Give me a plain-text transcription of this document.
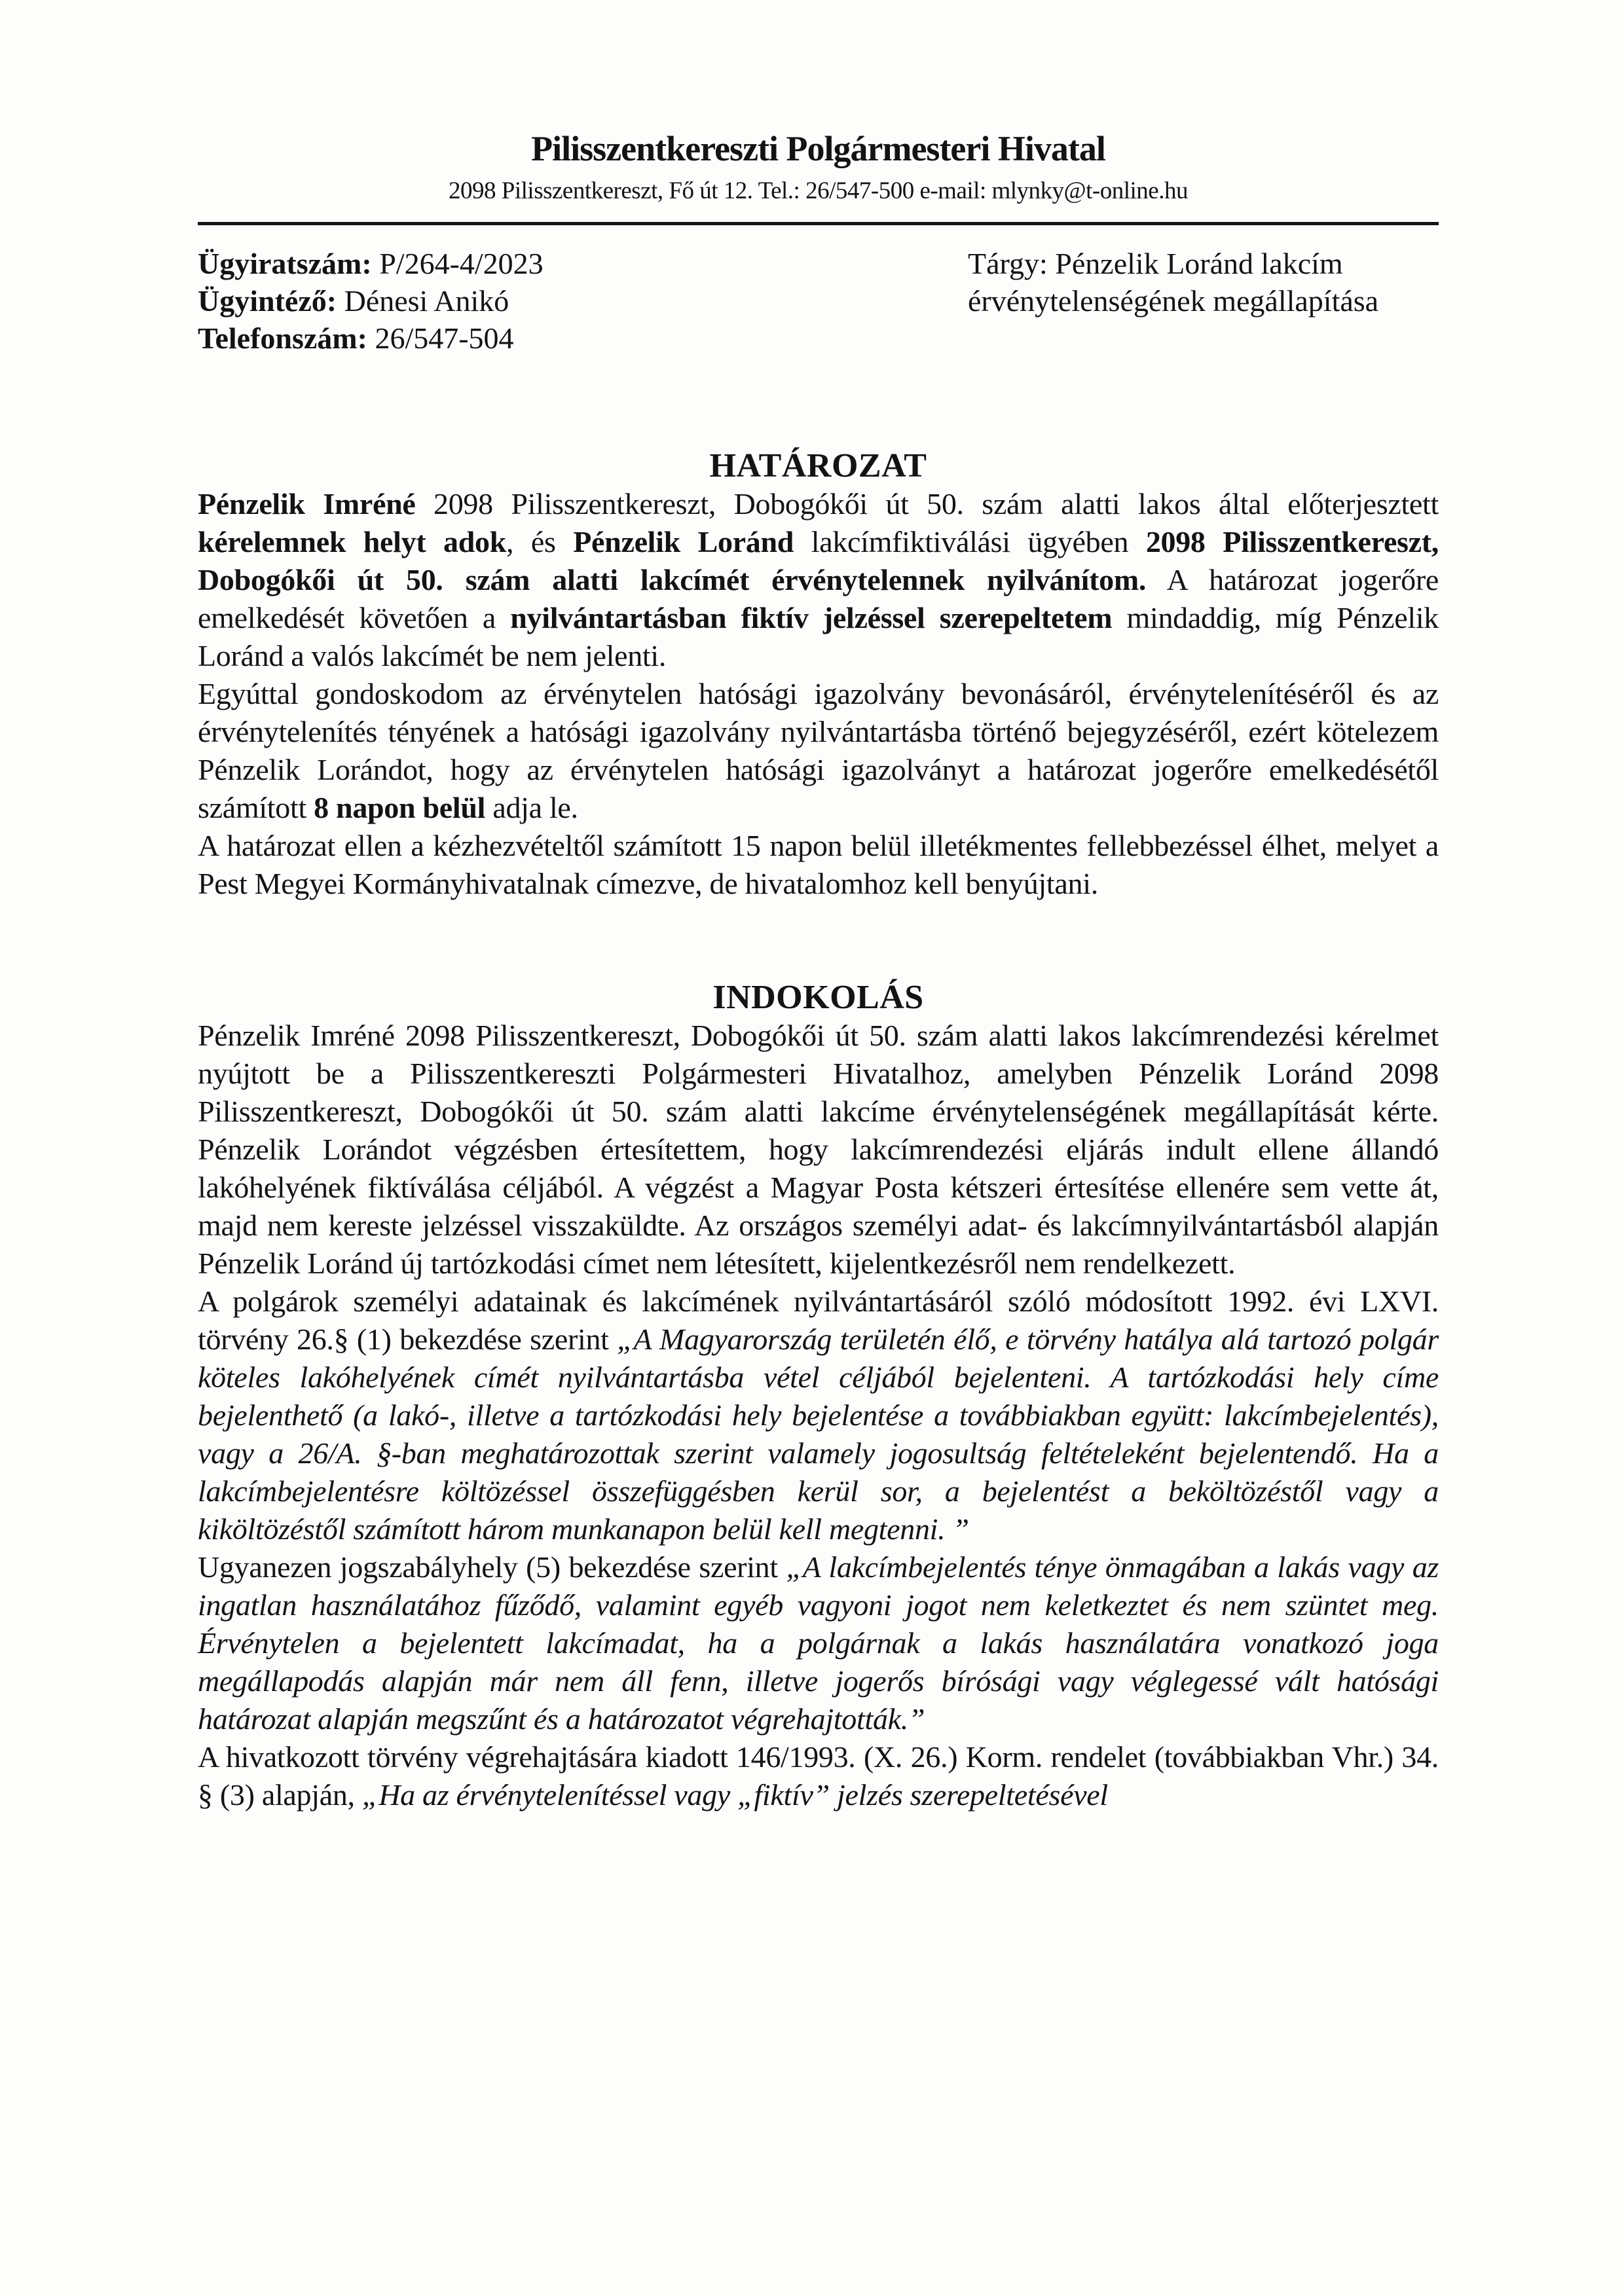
Pilisszentkereszti Polgármesteri Hivatal
2098 Pilisszentkereszt, Fő út 12. Tel.: 26/547-500 e-mail: mlynky@t-online.hu
Ügyiratszám: P/264-4/2023
Ügyintéző: Dénesi Anikó
Telefonszám: 26/547-504
Tárgy: Pénzelik Loránd lakcím
érvénytelenségének megállapítása
HATÁROZAT

Pénzelik Imréné 2098 Pilisszentkereszt, Dobogókői út 50. szám alatti lakos által előterjesztett kérelemnek helyt adok, és Pénzelik Loránd lakcímfiktiválási ügyében 2098 Pilisszentkereszt, Dobogókői út 50. szám alatti lakcímét érvénytelennek nyilvánítom. A határozat jogerőre emelkedését követően a nyilvántartásban fiktív jelzéssel szerepeltetem mindaddig, míg Pénzelik Loránd a valós lakcímét be nem jelenti.

Egyúttal gondoskodom az érvénytelen hatósági igazolvány bevonásáról, érvénytelenítéséről és az érvénytelenítés tényének a hatósági igazolvány nyilvántartásba történő bejegyzéséről, ezért kötelezem Pénzelik Lorándot, hogy az érvénytelen hatósági igazolványt a határozat jogerőre emelkedésétől számított 8 napon belül adja le.

A határozat ellen a kézhezvételtől számított 15 napon belül illetékmentes fellebbezéssel élhet, melyet a Pest Megyei Kormányhivatalnak címezve, de hivatalomhoz kell benyújtani.

INDOKOLÁS

Pénzelik Imréné 2098 Pilisszentkereszt, Dobogókői út 50. szám alatti lakos lakcímrendezési kérelmet nyújtott be a Pilisszentkereszti Polgármesteri Hivatalhoz, amelyben Pénzelik Loránd 2098 Pilisszentkereszt, Dobogókői út 50. szám alatti lakcíme érvénytelenségének megállapítását kérte. Pénzelik Lorándot végzésben értesítettem, hogy lakcímrendezési eljárás indult ellene állandó lakóhelyének fiktíválása céljából. A végzést a Magyar Posta kétszeri értesítése ellenére sem vette át, majd nem kereste jelzéssel visszaküldte. Az országos személyi adat- és lakcímnyilvántartásból alapján Pénzelik Loránd új tartózkodási címet nem létesített, kijelentkezésről nem rendelkezett.

A polgárok személyi adatainak és lakcímének nyilvántartásáról szóló módosított 1992. évi LXVI. törvény 26.§ (1) bekezdése szerint „A Magyarország területén élő, e törvény hatálya alá tartozó polgár köteles lakóhelyének címét nyilvántartásba vétel céljából bejelenteni. A tartózkodási hely címe bejelenthető (a lakó-, illetve a tartózkodási hely bejelentése a továbbiakban együtt: lakcímbejelentés), vagy a 26/A. §-ban meghatározottak szerint valamely jogosultság feltételeként bejelentendő. Ha a lakcímbejelentésre költözéssel összefüggésben kerül sor, a bejelentést a beköltözéstől vagy a kiköltözéstől számított három munkanapon belül kell megtenni. ”

Ugyanezen jogszabályhely (5) bekezdése szerint „A lakcímbejelentés ténye önmagában a lakás vagy az ingatlan használatához fűződő, valamint egyéb vagyoni jogot nem keletkeztet és nem szüntet meg. Érvénytelen a bejelentett lakcímadat, ha a polgárnak a lakás használatára vonatkozó joga megállapodás alapján már nem áll fenn, illetve jogerős bírósági vagy véglegessé vált hatósági határozat alapján megszűnt és a határozatot végrehajtották.”

A hivatkozott törvény végrehajtására kiadott 146/1993. (X. 26.) Korm. rendelet (továbbiakban Vhr.) 34. § (3) alapján, „Ha az érvénytelenítéssel vagy „fiktív” jelzés szerepeltetésével
